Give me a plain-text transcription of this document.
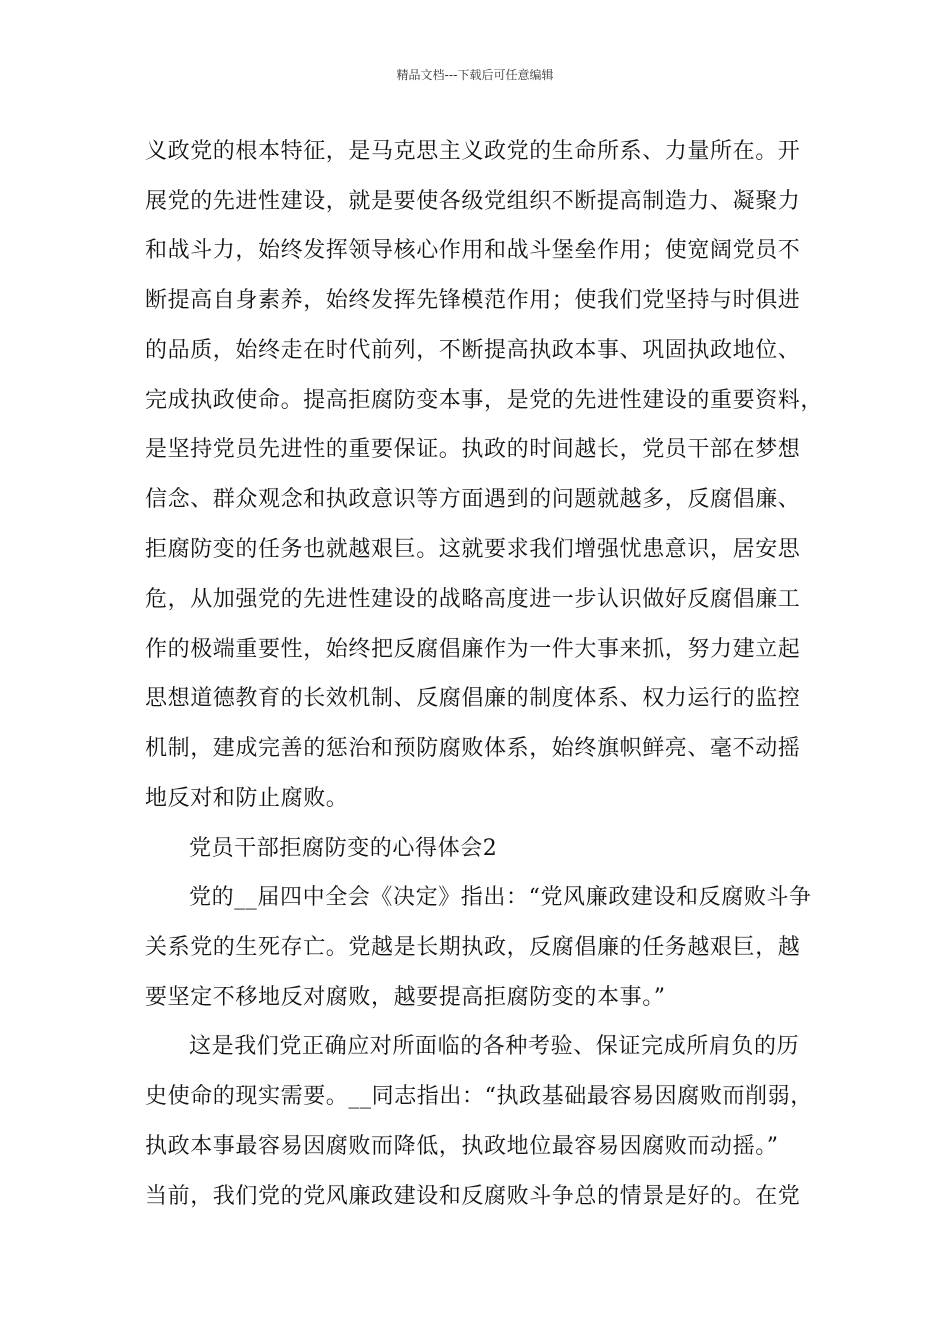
精品文档---下载后可任意编辑
义政党的根本特征，是马克思主义政党的生命所系、力量所在。开
展党的先进性建设，就是要使各级党组织不断提高制造力、凝聚力
和战斗力，始终发挥领导核心作用和战斗堡垒作用；使宽阔党员不
断提高自身素养，始终发挥先锋模范作用；使我们党坚持与时俱进
的品质，始终走在时代前列，不断提高执政本事、巩固执政地位、
完成执政使命。提高拒腐防变本事，是党的先进性建设的重要资料，
是坚持党员先进性的重要保证。执政的时间越长，党员干部在梦想
信念、群众观念和执政意识等方面遇到的问题就越多，反腐倡廉、
拒腐防变的任务也就越艰巨。这就要求我们增强忧患意识，居安思
危，从加强党的先进性建设的战略高度进一步认识做好反腐倡廉工
作的极端重要性，始终把反腐倡廉作为一件大事来抓，努力建立起
思想道德教育的长效机制、反腐倡廉的制度体系、权力运行的监控
机制，建成完善的惩治和预防腐败体系，始终旗帜鲜亮、毫不动摇
地反对和防止腐败。
党员干部拒腐防变的心得体会2
党的__届四中全会《决定》指出：“党风廉政建设和反腐败斗争
关系党的生死存亡。党越是长期执政，反腐倡廉的任务越艰巨，越
要坚定不移地反对腐败，越要提高拒腐防变的本事。”
这是我们党正确应对所面临的各种考验、保证完成所肩负的历
史使命的现实需要。__同志指出：“执政基础最容易因腐败而削弱，
执政本事最容易因腐败而降低，执政地位最容易因腐败而动摇。”
当前，我们党的党风廉政建设和反腐败斗争总的情景是好的。在党
